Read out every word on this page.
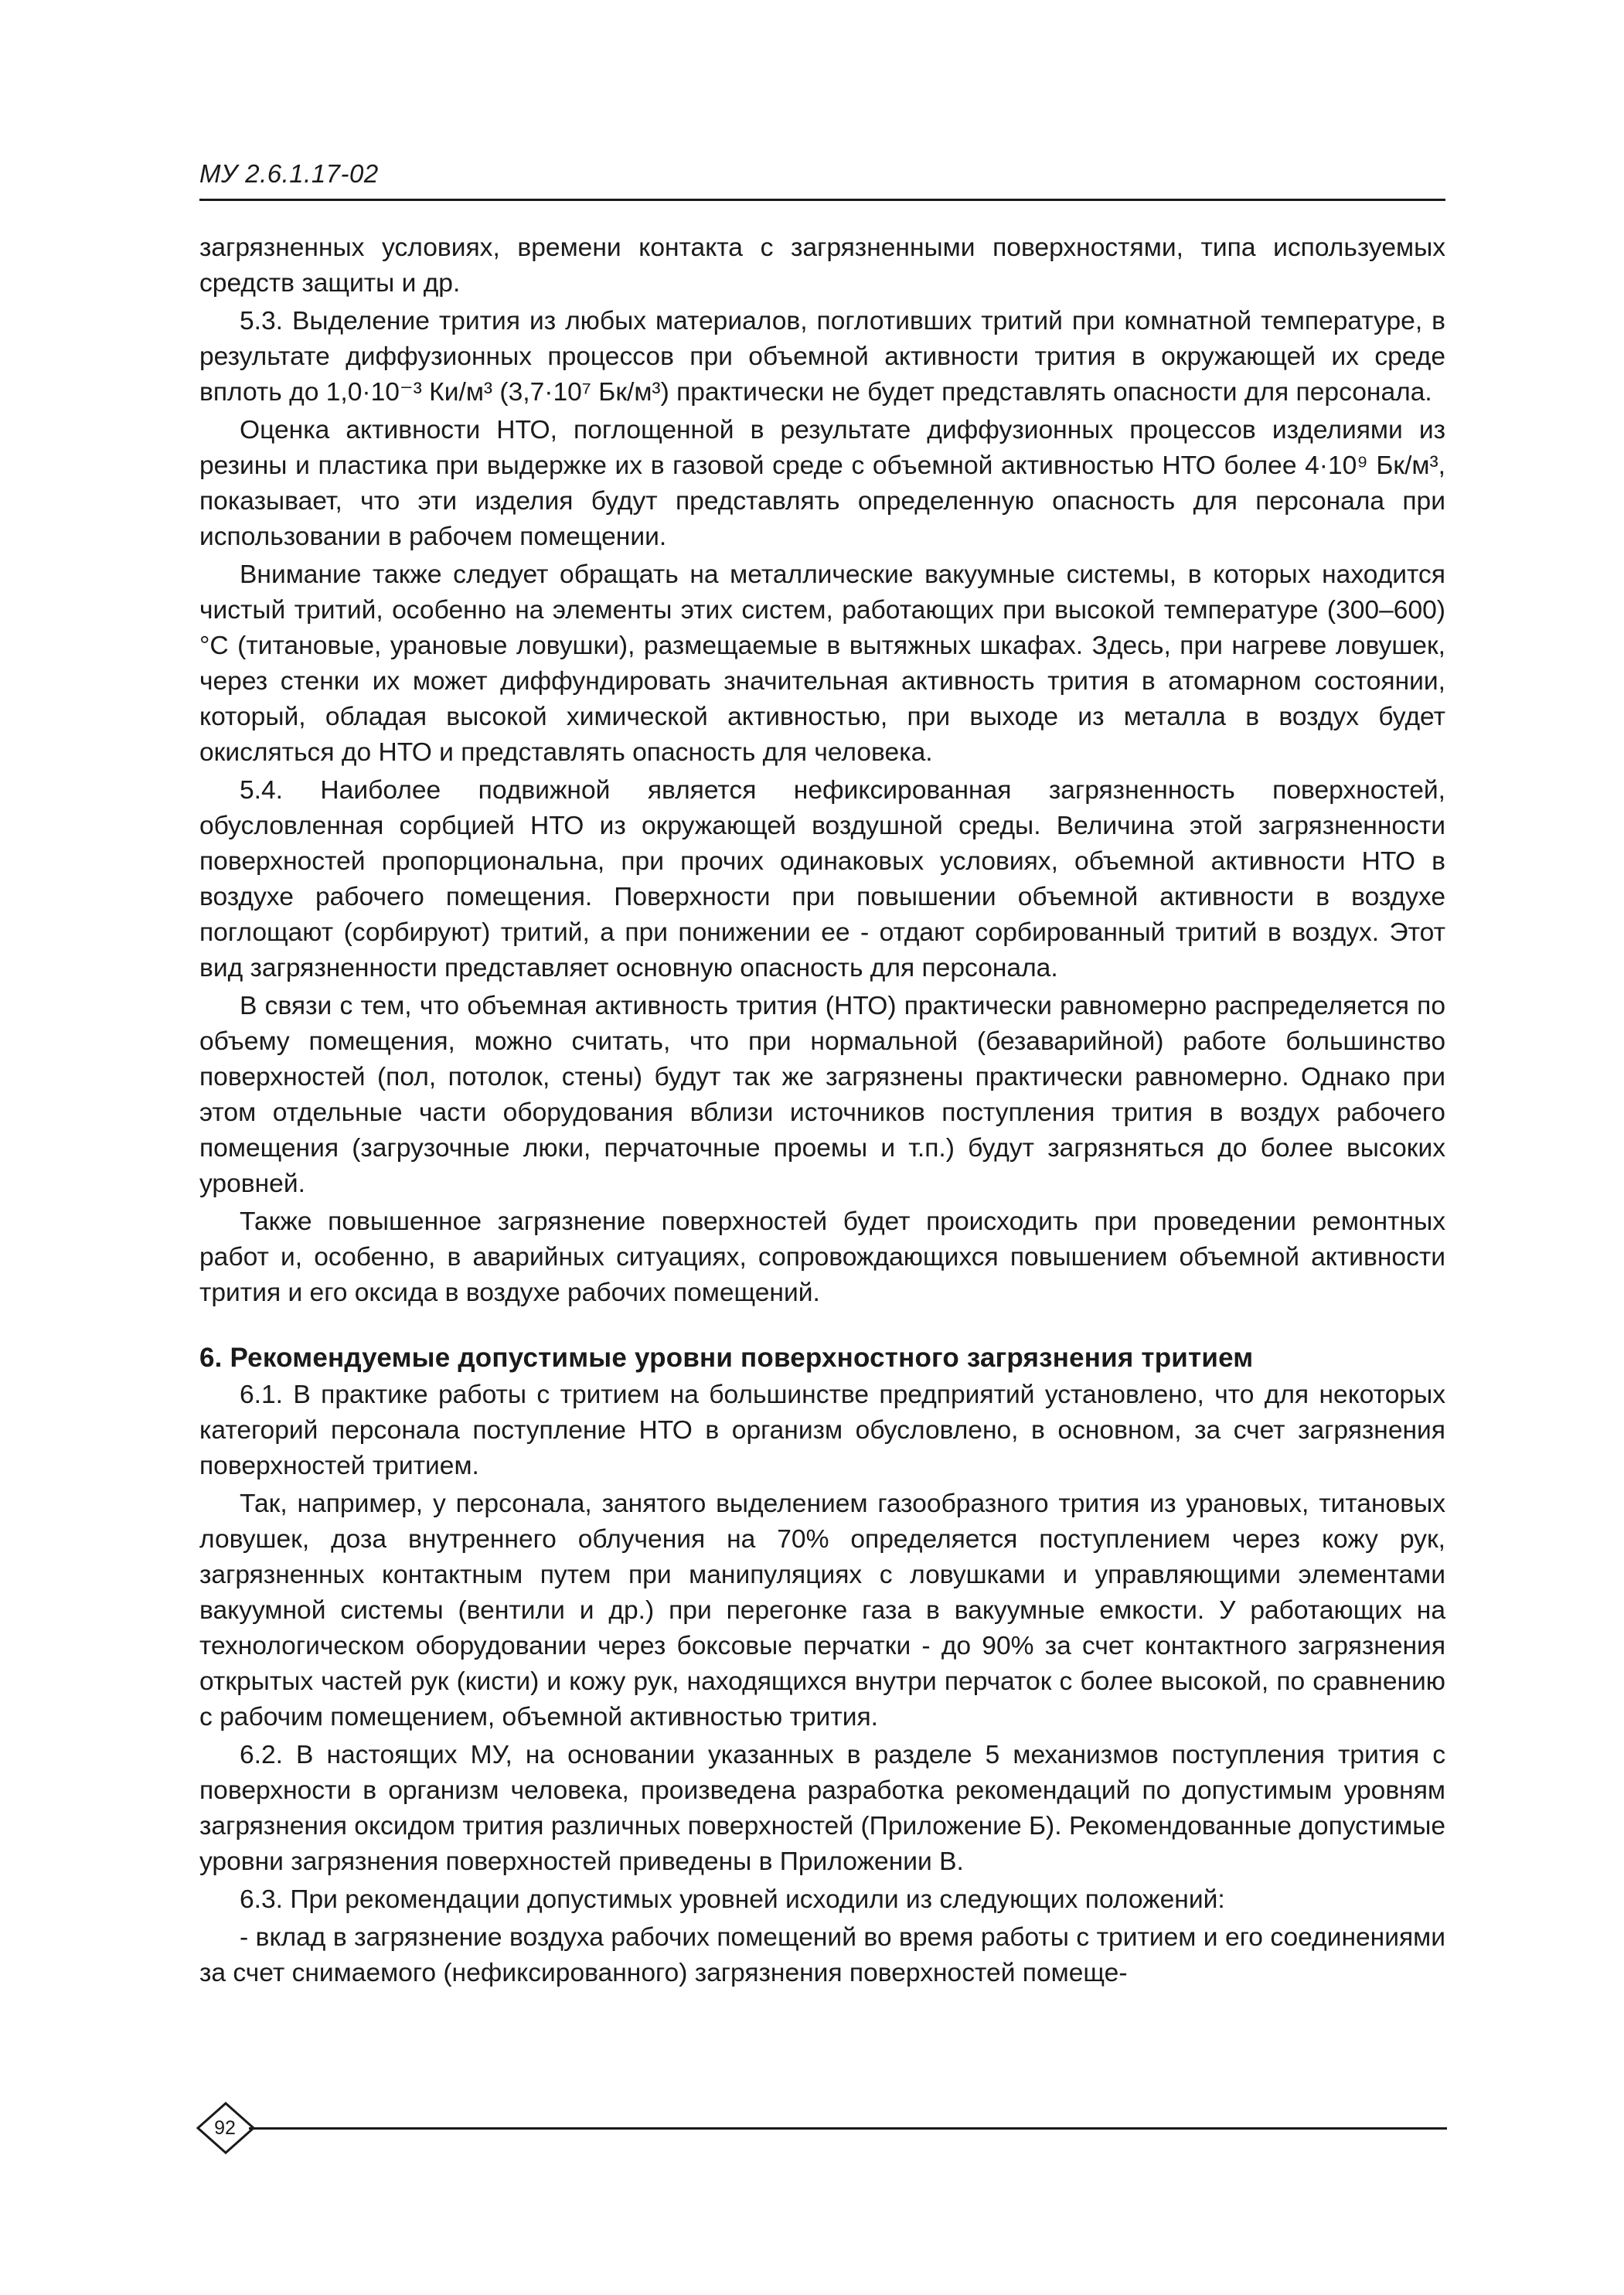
МУ 2.6.1.17-02

загрязненных условиях, времени контакта с загрязненными поверхностями, типа используемых средств защиты и др.

5.3. Выделение трития из любых материалов, поглотивших тритий при комнатной температуре, в результате диффузионных процессов при объемной активности трития в окружающей их среде вплоть до 1,0·10⁻³ Ки/м³ (3,7·10⁷ Бк/м³) практически не будет представлять опасности для персонала.

Оценка активности НТО, поглощенной в результате диффузионных процессов изделиями из резины и пластика при выдержке их в газовой среде с объемной активностью НТО более 4·10⁹ Бк/м³, показывает, что эти изделия будут представлять определенную опасность для персонала при использовании в рабочем помещении.

Внимание также следует обращать на металлические вакуумные системы, в которых находится чистый тритий, особенно на элементы этих систем, работающих при высокой температуре (300–600) °С (титановые, урановые ловушки), размещаемые в вытяжных шкафах. Здесь, при нагреве ловушек, через стенки их может диффундировать значительная активность трития в атомарном состоянии, который, обладая высокой химической активностью, при выходе из металла в воздух будет окисляться до НТО и представлять опасность для человека.

5.4. Наиболее подвижной является нефиксированная загрязненность поверхностей, обусловленная сорбцией НТО из окружающей воздушной среды. Величина этой загрязненности поверхностей пропорциональна, при прочих одинаковых условиях, объемной активности НТО в воздухе рабочего помещения. Поверхности при повышении объемной активности в воздухе поглощают (сорбируют) тритий, а при понижении ее - отдают сорбированный тритий в воздух. Этот вид загрязненности представляет основную опасность для персонала.

В связи с тем, что объемная активность трития (НТО) практически равномерно распределяется по объему помещения, можно считать, что при нормальной (безаварийной) работе большинство поверхностей (пол, потолок, стены) будут так же загрязнены практически равномерно. Однако при этом отдельные части оборудования вблизи источников поступления трития в воздух рабочего помещения (загрузочные люки, перчаточные проемы и т.п.) будут загрязняться до более высоких уровней.

Также повышенное загрязнение поверхностей будет происходить при проведении ремонтных работ и, особенно, в аварийных ситуациях, сопровождающихся повышением объемной активности трития и его оксида в воздухе рабочих помещений.

6. Рекомендуемые допустимые уровни поверхностного загрязнения тритием

6.1. В практике работы с тритием на большинстве предприятий установлено, что для некоторых категорий персонала поступление НТО в организм обусловлено, в основном, за счет загрязнения поверхностей тритием.

Так, например, у персонала, занятого выделением газообразного трития из урановых, титановых ловушек, доза внутреннего облучения на 70% определяется поступлением через кожу рук, загрязненных контактным путем при манипуляциях с ловушками и управляющими элементами вакуумной системы (вентили и др.) при перегонке газа в вакуумные емкости. У работающих на технологическом оборудовании через боксовые перчатки - до 90% за счет контактного загрязнения открытых частей рук (кисти) и кожу рук, находящихся внутри перчаток с более высокой, по сравнению с рабочим помещением, объемной активностью трития.

6.2. В настоящих МУ, на основании указанных в разделе 5 механизмов поступления трития с поверхности в организм человека, произведена разработка рекомендаций по допустимым уровням загрязнения оксидом трития различных поверхностей (Приложение Б). Рекомендованные допустимые уровни загрязнения поверхностей приведены в Приложении В.

6.3. При рекомендации допустимых уровней исходили из следующих положений:

- вклад в загрязнение воздуха рабочих помещений во время работы с тритием и его соединениями за счет снимаемого (нефиксированного) загрязнения поверхностей помеще-

92
